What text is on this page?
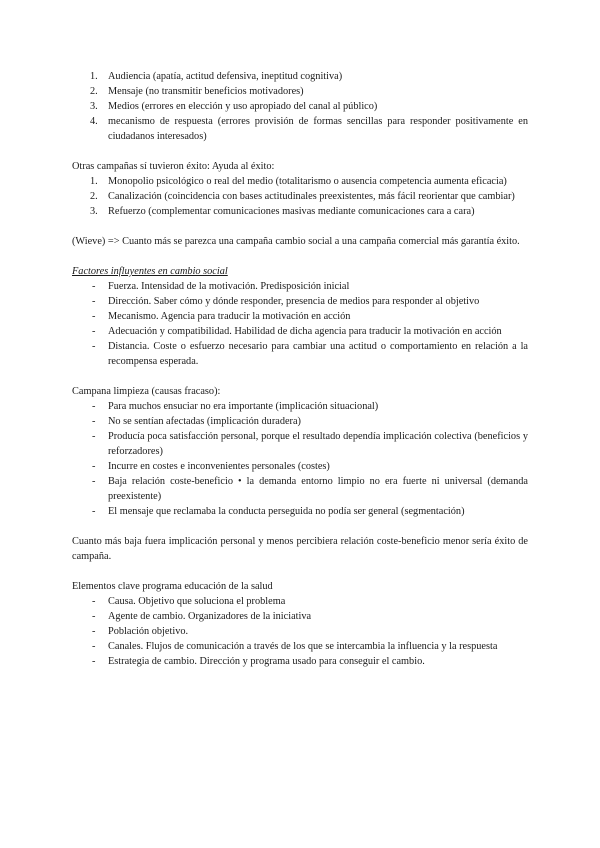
1. Audiencia (apatía, actitud defensiva, ineptitud cognitiva)
2. Mensaje (no transmitir beneficios motivadores)
3. Medios (errores en elección y uso apropiado del canal al público)
4. mecanismo de respuesta (errores provisión de formas sencillas para responder positivamente en ciudadanos interesados)

Otras campañas sí tuvieron éxito: Ayuda al éxito:

1. Monopolio psicológico o real del medio (totalitarismo o ausencia competencia aumenta eficacia)
2. Canalización (coincidencia con bases actitudinales preexistentes, más fácil reorientar que cambiar)
3. Refuerzo (complementar comunicaciones masivas mediante comunicaciones cara a cara)

(Wieve) => Cuanto más se parezca una campaña cambio social a una campaña comercial más garantía éxito.

Factores influyentes en cambio social

- Fuerza. Intensidad de la motivación. Predisposición inicial
- Dirección. Saber cómo y dónde responder, presencia de medios para responder al objetivo
- Mecanismo. Agencia para traducir la motivación en acción
- Adecuación y compatibilidad. Habilidad de dicha agencia para traducir la motivación en acción
- Distancia. Coste o esfuerzo necesario para cambiar una actitud o comportamiento en relación a la recompensa esperada.

Campana limpieza (causas fracaso):

- Para muchos ensuciar no era importante (implicación situacional)
- No se sentían afectadas (implicación duradera)
- Producía poca satisfacción personal, porque el resultado dependía implicación colectiva (beneficios y reforzadores)
- Incurre en costes e inconvenientes personales (costes)
- Baja relación coste-beneficio • la demanda entorno limpio no era fuerte ni universal (demanda preexistente)
- El mensaje que reclamaba la conducta perseguida no podía ser general (segmentación)

Cuanto más baja fuera implicación personal y menos percibiera relación coste-beneficio menor sería éxito de campaña.

Elementos clave programa educación de la salud

- Causa. Objetivo que soluciona el problema
- Agente de cambio. Organizadores de la iniciativa
- Población objetivo.
- Canales. Flujos de comunicación a través de los que se intercambia la influencia y la respuesta
- Estrategia de cambio. Dirección y programa usado para conseguir el cambio.
